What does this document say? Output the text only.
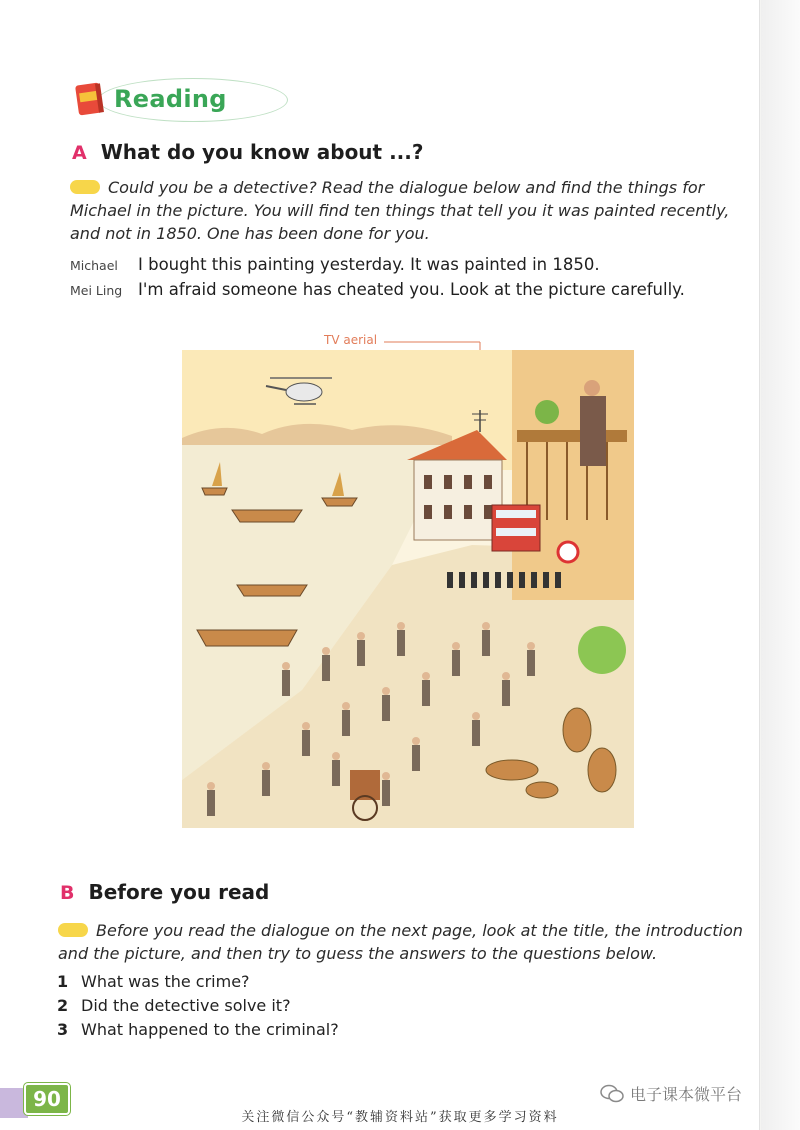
Reading
A What do you know about ...?
Could you be a detective? Read the dialogue below and find the things for
Michael in the picture. You will find ten things that tell you it was painted recently,
and not in 1850. One has been done for you.
Michael	I bought this painting yesterday. It was painted in 1850.
Mei Ling I'm afraid someone has cheated you. Look at the picture carefully.
TV aerial
B Before you read
Before you read the dialogue on the next page, look at the title, the introduction
and the picture, and then try to guess the answers to the questions below.
1 What was the crime?
2 Did the detective solve it?
3 What happened to the criminal?
90	电子课本微平台
关注微信公众号“教辅资料站”获取更多学习资料
